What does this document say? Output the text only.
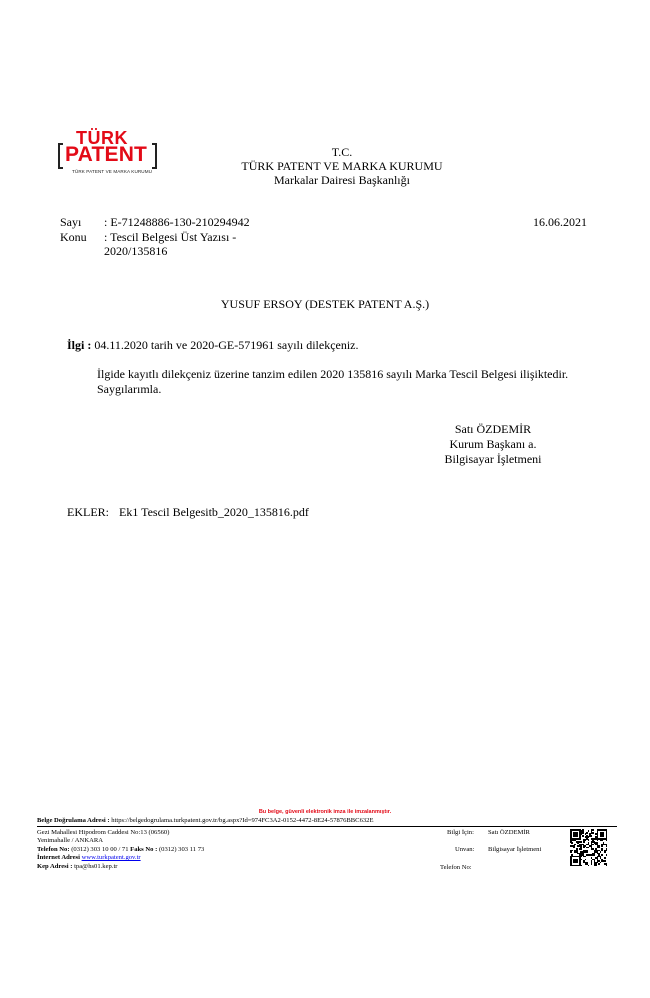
TÜRK
PATENT
TÜRK PATENT VE MARKA KURUMU
T.C.
TÜRK PATENT VE MARKA KURUMU
Markalar Dairesi Başkanlığı
Sayı : E-71248886-130-210294942
Konu : Tescil Belgesi Üst Yazısı -
2020/135816
16.06.2021
YUSUF ERSOY (DESTEK PATENT A.Ş.)
İlgi : 04.11.2020 tarih ve 2020-GE-571961 sayılı dilekçeniz.
İlgide kayıtlı dilekçeniz üzerine tanzim edilen 2020 135816 sayılı Marka Tescil Belgesi ilişiktedir.
Saygılarımla.
Satı ÖZDEMİR
Kurum Başkanı a.
Bilgisayar İşletmeni
EKLER: Ek1 Tescil Belgesitb_2020_135816.pdf
Bu belge, güvenli elektronik imza ile imzalanmıştır.
Belge Doğrulama Adresi : https://belgedogrulama.turkpatent.gov.tr/bg.aspx?Id=974FC3A2-0152-4472-8E24-57876BBC632E
Gezi Mahallesi Hipodrom Caddesi No:13 (06560)
Yenimahalle / ANKARA
Telefon No: (0312) 303 10 00 / 71 Faks No : (0312) 303 11 73
İnternet Adresi www.turkpatent.gov.tr
Kep Adresi : tpa@hs01.kep.tr
Bilgi İçin: Satı ÖZDEMİR
Unvan: Bilgisayar İşletmeni
Telefon No:
